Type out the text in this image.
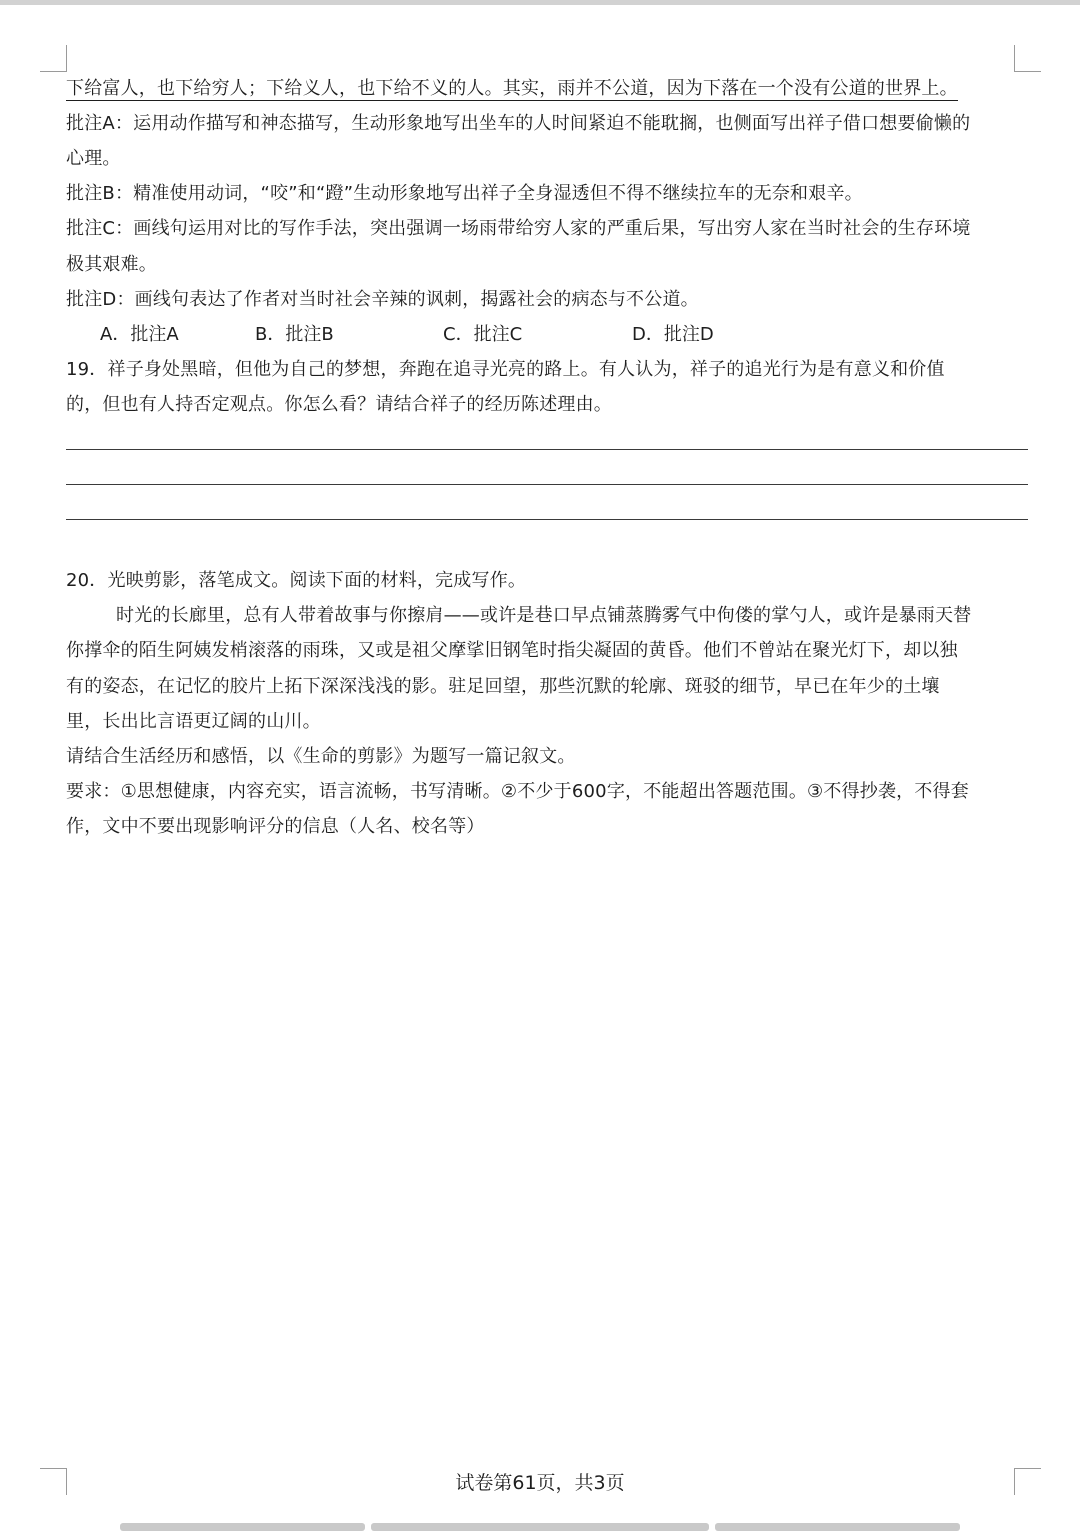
下给富人，也下给穷人；下给义人，也下给不义的人。其实，雨并不公道，因为下落在一个没有公道的世界上。
批注A：运用动作描写和神态描写，生动形象地写出坐车的人时间紧迫不能耽搁，也侧面写出祥子借口想要偷懒的
心理。
批注B：精准使用动词，“咬”和“蹬”生动形象地写出祥子全身湿透但不得不继续拉车的无奈和艰辛。
批注C：画线句运用对比的写作手法，突出强调一场雨带给穷人家的严重后果，写出穷人家在当时社会的生存环境
极其艰难。
批注D：画线句表达了作者对当时社会辛辣的讽刺，揭露社会的病态与不公道。
A．批注A	B．批注B	C．批注C	D．批注D
19．祥子身处黑暗，但他为自己的梦想，奔跑在追寻光亮的路上。有人认为，祥子的追光行为是有意义和价值
的，但也有人持否定观点。你怎么看？请结合祥子的经历陈述理由。
20．光映剪影，落笔成文。阅读下面的材料，完成写作。
时光的长廊里，总有人带着故事与你擦肩——或许是巷口早点铺蒸腾雾气中佝偻的掌勺人，或许是暴雨天替
你撑伞的陌生阿姨发梢滚落的雨珠，又或是祖父摩挲旧钢笔时指尖凝固的黄昏。他们不曾站在聚光灯下，却以独
有的姿态，在记忆的胶片上拓下深深浅浅的影。驻足回望，那些沉默的轮廓、斑驳的细节，早已在年少的土壤
里，长出比言语更辽阔的山川。
请结合生活经历和感悟，以《生命的剪影》为题写一篇记叙文。
要求：①思想健康，内容充实，语言流畅，书写清晰。②不少于600字，不能超出答题范围。③不得抄袭，不得套
作，文中不要出现影响评分的信息（人名、校名等）
试卷第61页，共3页
